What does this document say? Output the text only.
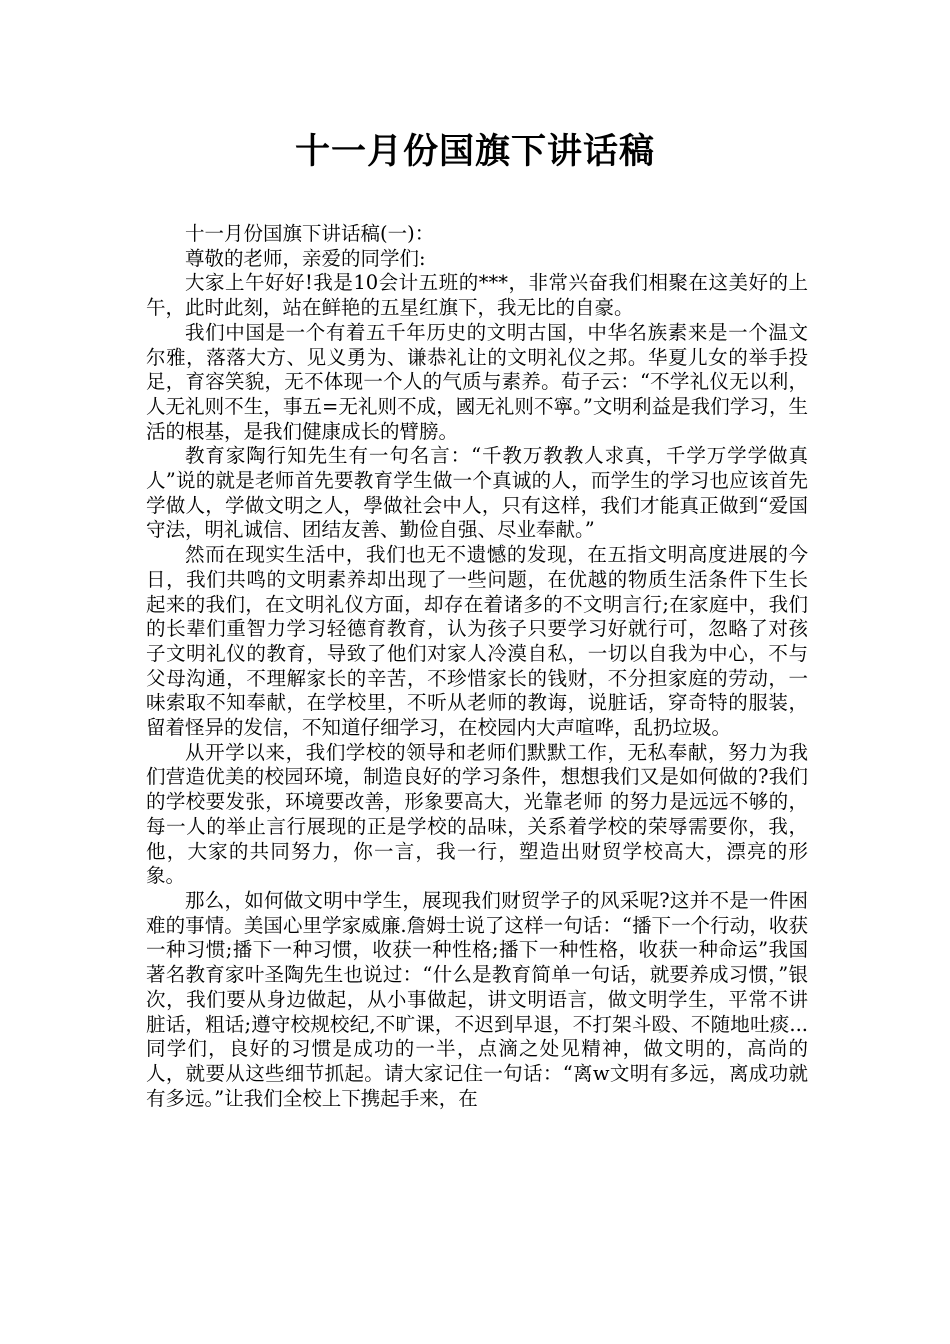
十一月份国旗下讲话稿

十一月份国旗下讲话稿(一)：

尊敬的老师，亲爱的同学们:

大家上午好好!我是10会计五班的***，非常兴奋我们相聚在这美好的上午，此时此刻，站在鲜艳的五星红旗下，我无比的自豪。

我们中国是一个有着五千年历史的文明古国，中华名族素来是一个温文尔雅，落落大方、见义勇为、谦恭礼让的文明礼仪之邦。华夏儿女的举手投足，育容笑貌，无不体现一个人的气质与素养。荀子云：“不学礼仪无以利，人无礼则不生，事五=无礼则不成，國无礼则不寧。”文明利益是我们学习，生活的根基，是我们健康成长的臂膀。

教育家陶行知先生有一句名言：“千教万教教人求真，千学万学学做真人”说的就是老师首先要教育学生做一个真诚的人，而学生的学习也应该首先学做人，学做文明之人，學做社会中人，只有这样，我们才能真正做到“爱国守法，明礼诚信、团结友善、勤俭自强、尽业奉献。”

然而在现实生活中，我们也无不遗憾的发现，在五指文明高度进展的今日，我们共鸣的文明素养却出现了一些问题，在优越的物质生活条件下生长起来的我们，在文明礼仪方面，却存在着诸多的不文明言行;在家庭中，我们的长辈们重智力学习轻德育教育，认为孩子只要学习好就行可，忽略了对孩子文明礼仪的教育，导致了他们对家人冷漠自私，一切以自我为中心，不与父母沟通，不理解家长的辛苦，不珍惜家长的钱财，不分担家庭的劳动，一味索取不知奉献，在学校里，不听从老师的教诲，说脏话，穿奇特的服装，留着怪异的发信，不知道仔细学习，在校园内大声喧哗，乱扔垃圾。

从开学以来，我们学校的领导和老师们默默工作，无私奉献，努力为我们营造优美的校园环境，制造良好的学习条件，想想我们又是如何做的?我们的学校要发张，环境要改善，形象要高大，光靠老师 的努力是远远不够的，每一人的举止言行展现的正是学校的品味，关系着学校的荣辱需要你，我，他，大家的共同努力，你一言，我一行，塑造出财贸学校高大，漂亮的形象。

那么，如何做文明中学生，展现我们财贸学子的风采呢?这并不是一件困难的事情。美国心里学家威廉.詹姆士说了这样一句话：“播下一个行动，收获一种习惯;播下一种习惯，收获一种性格;播下一种性格，收获一种命运”我国著名教育家叶圣陶先生也说过：“什么是教育简单一句话，就要养成习惯，”银次，我们要从身边做起，从小事做起，讲文明语言，做文明学生，平常不讲脏话，粗话;遵守校规校纪,不旷课，不迟到早退，不打架斗殴、不随地吐痰... 同学们，良好的习惯是成功的一半，点滴之处见精神，做文明的，高尚的人，就要从这些细节抓起。请大家记住一句话：“离w文明有多远，离成功就有多远。”让我们全校上下携起手来，在
